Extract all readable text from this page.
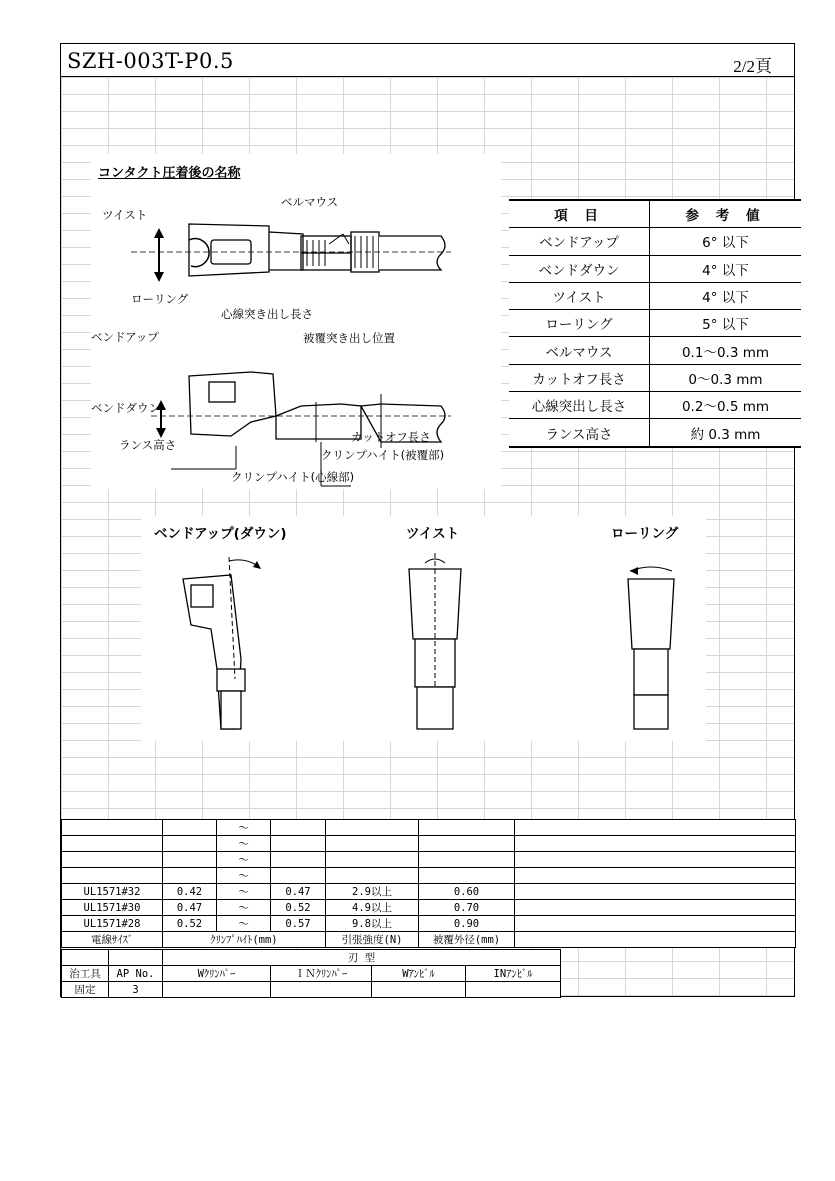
SZH-003T-P0.5	2/2頁
コンタクト圧着後の名称
ツイスト
ベルマウス
ローリング
心線突き出し長さ
被覆突き出し位置
ベンドアップ
ベンドダウン
カットオフ長さ
クリンプハイト(被覆部)
ランス高さ
クリンプハイト(心線部)
項 目	参 考 値
ベンドアップ	6° 以下
ベンドダウン	4° 以下
ツイスト	4° 以下
ローリング	5° 以下
ベルマウス	0.1～0.3 mm
カットオフ長さ	0～0.3 mm
心線突出し長さ	0.2～0.5 mm
ランス高さ	約 0.3 mm
ベンドアップ(ダウン)	ツイスト	ローリング
		～				
		～				
		～				
		～				
UL1571#32	0.42	～	0.47	2.9以上	0.60	
UL1571#30	0.47	～	0.52	4.9以上	0.70	
UL1571#28	0.52	～	0.57	9.8以上	0.90	
電線ｻｲｽﾞ	ｸﾘﾝﾌﾟﾊｲﾄ(mm)			引張強度(N)	被覆外径(mm)	
		刃 型			
治工具	AP No.	Wｸﾘﾝﾊﾟｰ	ＩＮｸﾘﾝﾊﾟｰ	Wｱﾝﾋﾞﾙ	INｱﾝﾋﾞﾙ
固定	3				
